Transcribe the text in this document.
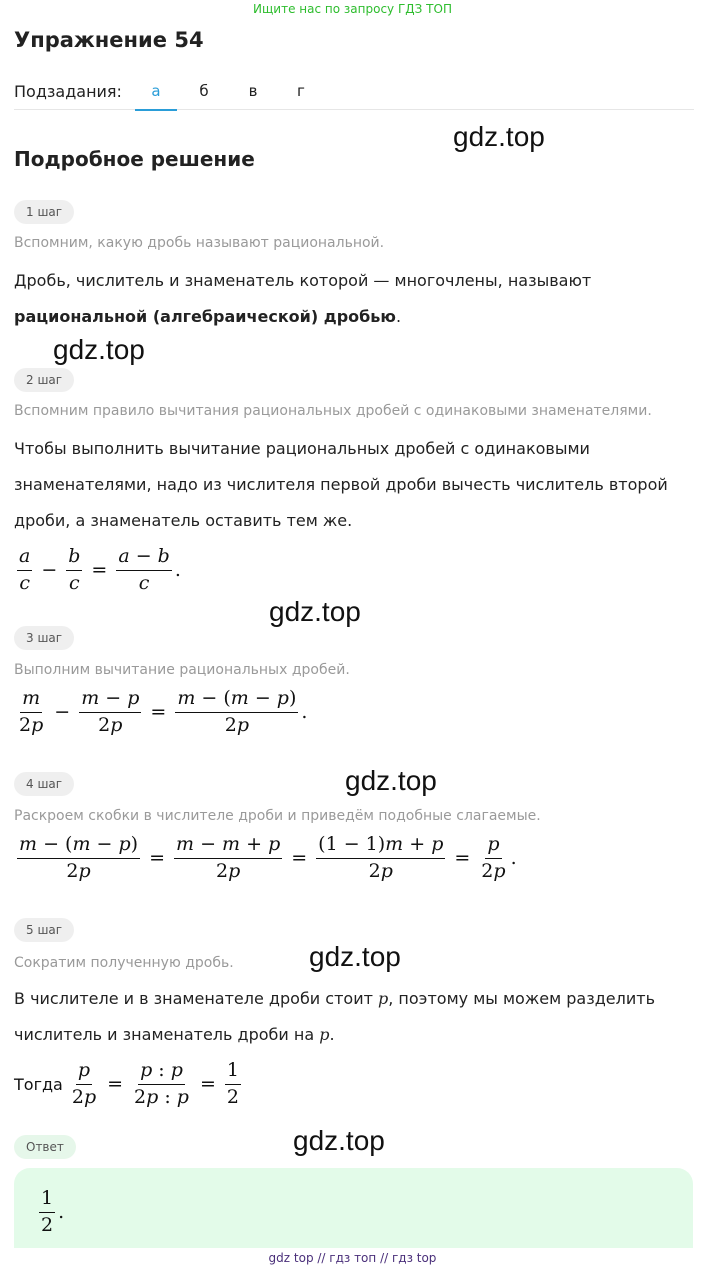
Ищите нас по запросу ГДЗ ТОП
Упражнение 54
Подзадания:	а	б	в	г
Подробное решение
gdz.top
gdz.top
gdz.top
gdz.top
gdz.top
gdz.top
1 шаг

Вспомним, какую дробь называют рациональной.

Дробь, числитель и знаменатель которой — многочлены, называют

рациональной (алгебраической) дробью.

2 шаг

Вспомним правило вычитания рациональных дробей с одинаковыми знаменателями.

Чтобы выполнить вычитание рациональных дробей с одинаковыми

знаменателями, надо из числителя первой дроби вычесть числитель второй

дроби, а знаменатель оставить тем же.

$\frac{a}{c} - \frac{b}{c} = \frac{a - b}{c}$ .
3 шаг

Выполним вычитание рациональных дробей.

$\frac{m}{2p} - \frac{m - p}{2p} = \frac{m - (m - p)}{2p}$ .
4 шаг

Раскроем скобки в числителе дроби и приведём подобные слагаемые.

$\frac{m - (m - p)}{2p} = \frac{m - m + p}{2p} = \frac{(1 - 1)m + p}{2p} = \frac{p}{2p}$ .
5 шаг

Сократим полученную дробь.

В числителе и в знаменателе дроби стоит p, поэтому мы можем разделить

числитель и знаменатель дроби на p.

Тогда $\frac{p}{2p} = \frac{p : p}{2p : p} = \frac{1}{2}$
Ответ
$\frac{1}{2}$ .
gdz top // гдз топ // гдз top
